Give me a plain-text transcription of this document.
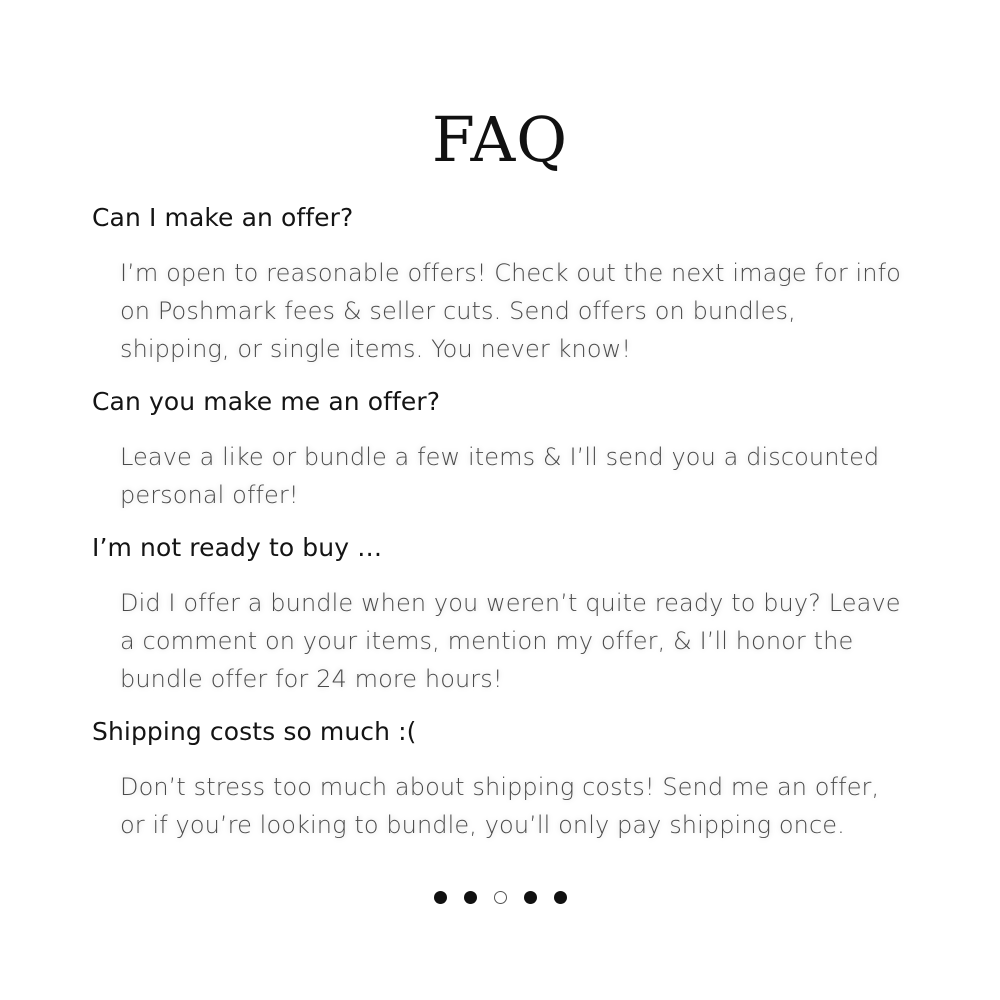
FAQ

Can I make an offer?

I’m open to reasonable offers! Check out the next image for info on Poshmark fees & seller cuts. Send offers on bundles, shipping, or single items. You never know!

Can you make me an offer?

Leave a like or bundle a few items & I’ll send you a discounted personal offer!

I’m not ready to buy …

Did I offer a bundle when you weren’t quite ready to buy? Leave a comment on your items, mention my offer, & I’ll honor the bundle offer for 24 more hours!

Shipping costs so much :(

Don’t stress too much about shipping costs! Send me an offer, or if you’re looking to bundle, you’ll only pay shipping once.
